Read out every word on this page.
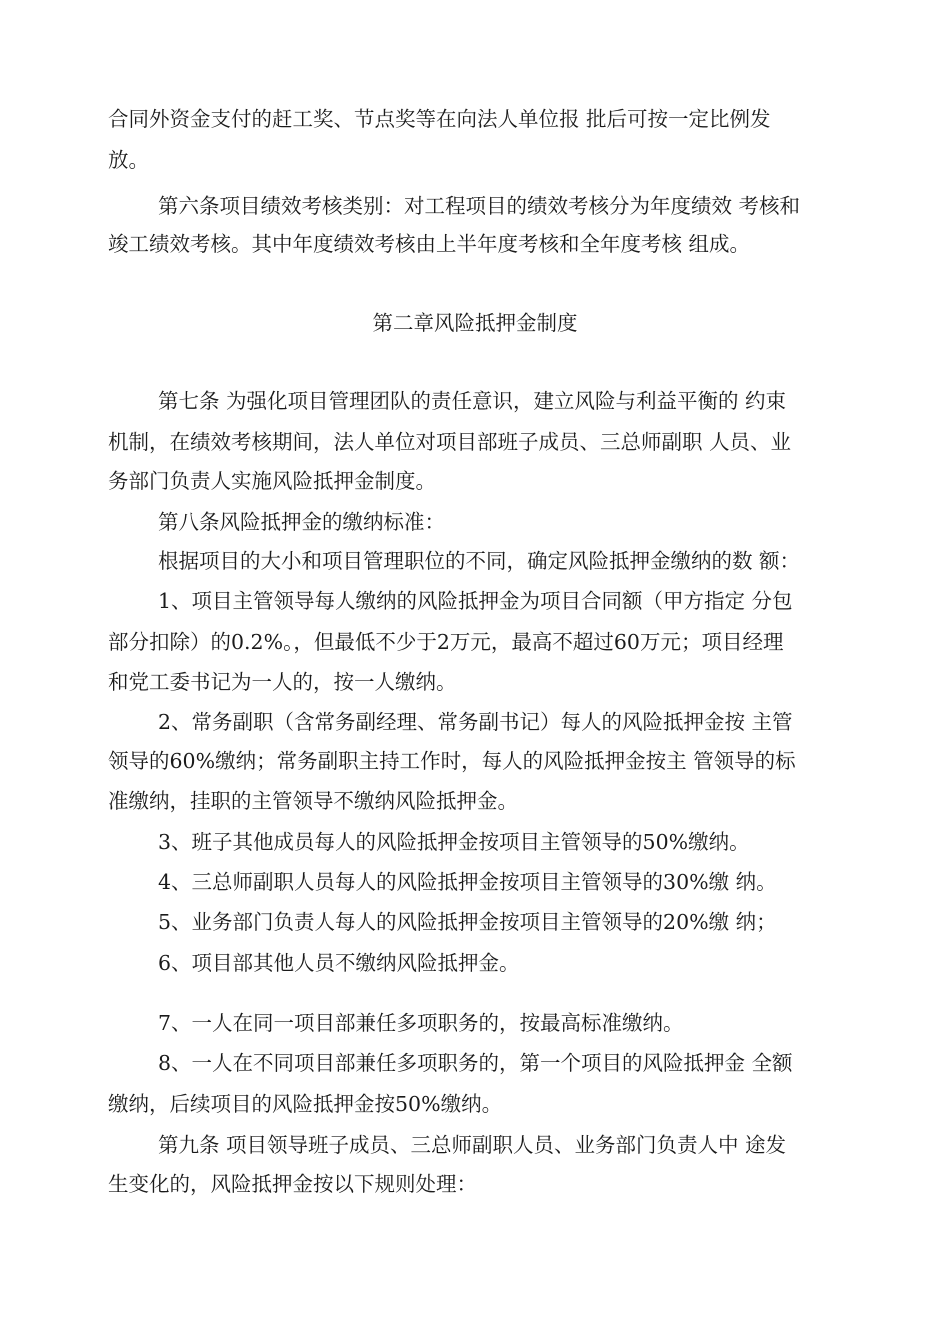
合同外资金支付的赶工奖、节点奖等在向法人单位报 批后可按一定比例发
放。
第六条项目绩效考核类别：对工程项目的绩效考核分为年度绩效 考核和
竣工绩效考核。其中年度绩效考核由上半年度考核和全年度考核 组成。
第二章风险抵押金制度
第七条 为强化项目管理团队的责任意识，建立风险与利益平衡的 约束
机制，在绩效考核期间，法人单位对项目部班子成员、三总师副职 人员、业
务部门负责人实施风险抵押金制度。
第八条风险抵押金的缴纳标准：
根据项目的大小和项目管理职位的不同，确定风险抵押金缴纳的数 额：
1、项目主管领导每人缴纳的风险抵押金为项目合同额（甲方指定 分包
部分扣除）的0.2%。，但最低不少于2万元，最高不超过60万元；项目经理
和党工委书记为一人的，按一人缴纳。
2、常务副职（含常务副经理、常务副书记）每人的风险抵押金按 主管
领导的60%缴纳；常务副职主持工作时，每人的风险抵押金按主 管领导的标
准缴纳，挂职的主管领导不缴纳风险抵押金。
3、班子其他成员每人的风险抵押金按项目主管领导的50%缴纳。
4、三总师副职人员每人的风险抵押金按项目主管领导的30%缴 纳。
5、业务部门负责人每人的风险抵押金按项目主管领导的20%缴 纳；
6、项目部其他人员不缴纳风险抵押金。
7、一人在同一项目部兼任多项职务的，按最高标准缴纳。
8、一人在不同项目部兼任多项职务的，第一个项目的风险抵押金 全额
缴纳，后续项目的风险抵押金按50%缴纳。
第九条 项目领导班子成员、三总师副职人员、业务部门负责人中 途发
生变化的，风险抵押金按以下规则处理：
